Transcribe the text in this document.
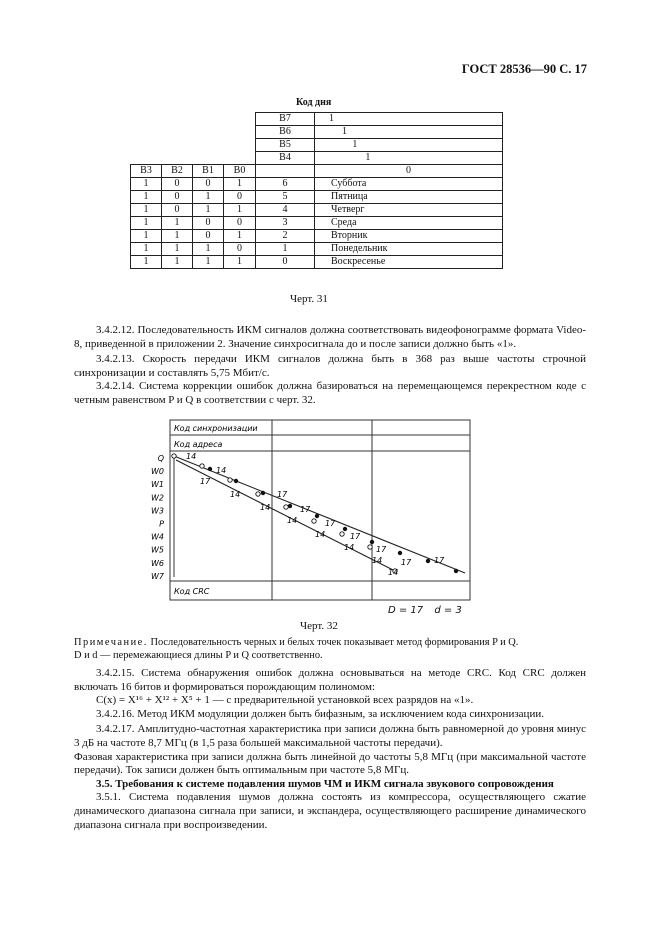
ГОСТ 28536—90 С. 17
Код дня
				B7	1
				B6	1
				B5	1
				B4	1
B3	B2	B1	B0		0
1	0	0	1	6	Суббота
1	0	1	0	5	Пятница
1	0	1	1	4	Четверг
1	1	0	0	3	Среда
1	1	0	1	2	Вторник
1	1	1	0	1	Понедельник
1	1	1	1	0	Воскресенье
Черт. 31

3.4.2.12. Последовательность ИКМ сигналов должна соответствовать видеофонограмме формата Video-8, приведенной в приложении 2. Значение синхросигнала до и после записи должно быть «1».

3.4.2.13. Скорость передачи ИКМ сигналов должна быть в 368 раз выше частоты строчной синхронизации и составлять 5,75 Мбит/с.

3.4.2.14. Система коррекции ошибок должна базироваться на перемещающемся перекрестном коде с четным равенством P и Q в соответствии с черт. 32.

Код синхронизации
Код адреса
Код CRC
Q
W0
W1
W2
W3
P
W4
W5
W6
W7
14
14
14
14
14
14
14
14
14
17
17
17
17
17
17
17	17
D = 17 d = 3
Черт. 32

Примечание. Последовательность черных и белых точек показывает метод формирования P и Q.

D и d — перемежающиеся длины P и Q соответственно.

3.4.2.15. Система обнаружения ошибок должна основываться на методе CRC. Код CRC должен включать 16 битов и формироваться порождающим полиномом:

C(x) = X¹⁶ + X¹² + X⁵ + 1 — с предварительной установкой всех разрядов на «1».

3.4.2.16. Метод ИКМ модуляции должен быть бифазным, за исключением кода синхронизации.

3.4.2.17. Амплитудно-частотная характеристика при записи должна быть равномерной до уровня минус 3 дБ на частоте 8,7 МГц (в 1,5 раза большей максимальной частоты передачи).

Фазовая характеристика при записи должна быть линейной до частоты 5,8 МГц (при максимальной частоте передачи). Ток записи должен быть оптимальным при частоте 5,8 МГц.

3.5. Требования к системе подавления шумов ЧМ и ИКМ сигнала звукового сопровождения

3.5.1. Система подавления шумов должна состоять из компрессора, осуществляющего сжатие динамического диапазона сигнала при записи, и экспандера, осуществляющего расширение динамического диапазона сигнала при воспроизведении.
